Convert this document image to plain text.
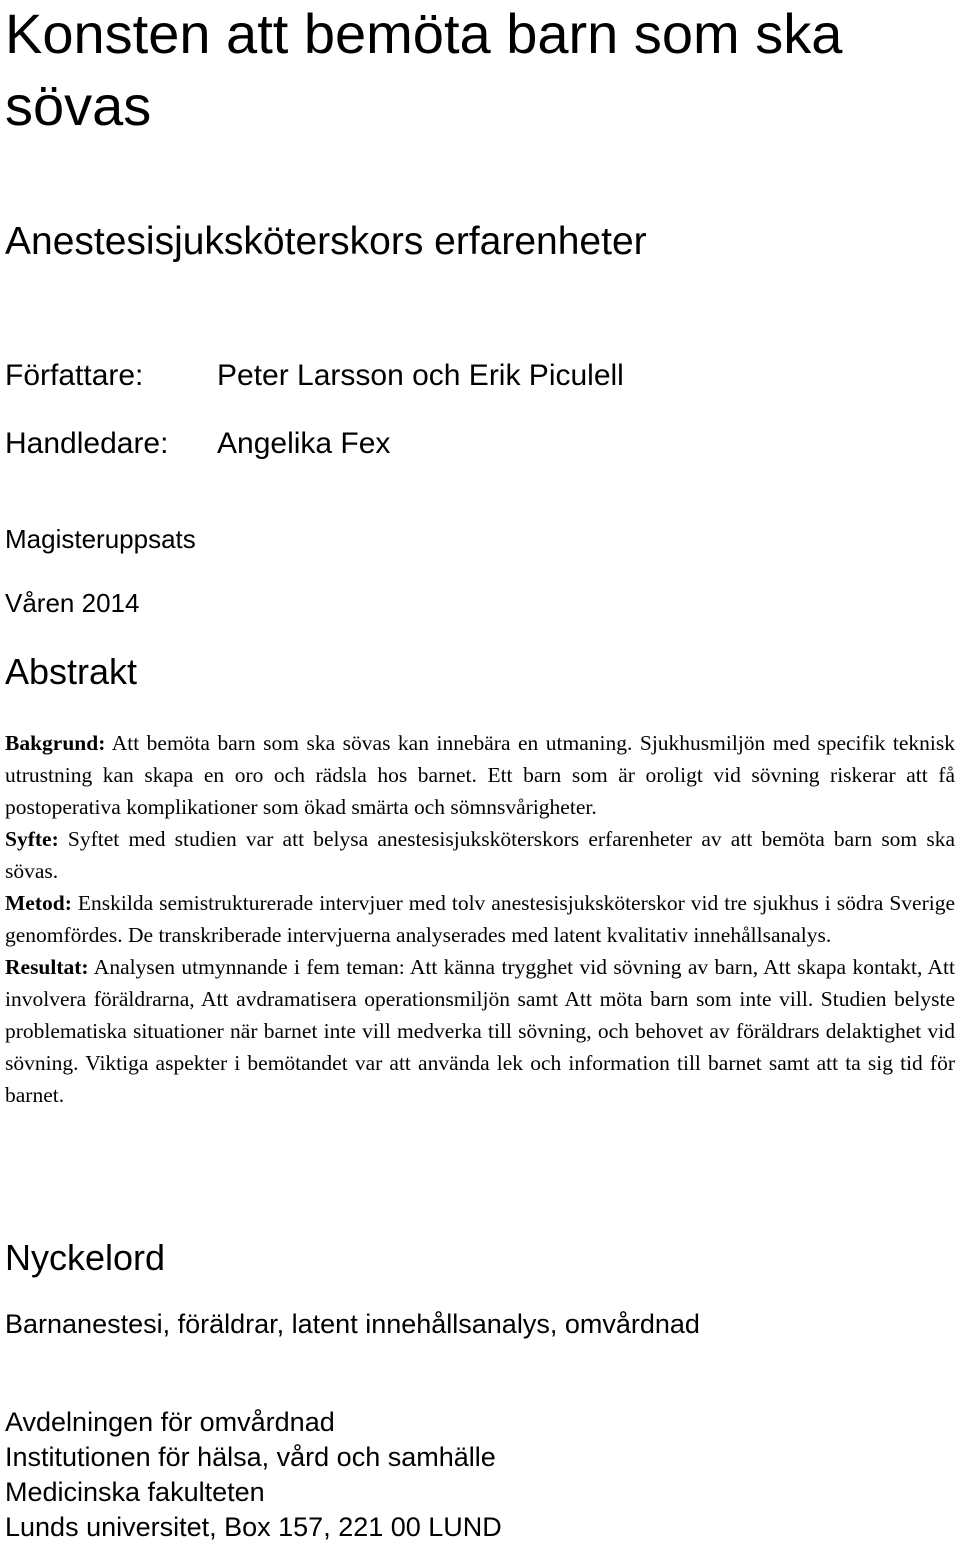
Konsten att bemöta barn som ska sövas
Anestesisjuksköterskors erfarenheter
Författare: Peter Larsson och Erik Piculell
Handledare: Angelika Fex
Magisteruppsats
Våren 2014
Abstrakt

Bakgrund: Att bemöta barn som ska sövas kan innebära en utmaning. Sjukhusmiljön med specifik teknisk utrustning kan skapa en oro och rädsla hos barnet. Ett barn som är oroligt vid sövning riskerar att få postoperativa komplikationer som ökad smärta och sömnsvårigheter.

Syfte: Syftet med studien var att belysa anestesisjuksköterskors erfarenheter av att bemöta barn som ska sövas.

Metod: Enskilda semistrukturerade intervjuer med tolv anestesisjuksköterskor vid tre sjukhus i södra Sverige genomfördes. De transkriberade intervjuerna analyserades med latent kvalitativ innehållsanalys.

Resultat: Analysen utmynnande i fem teman: Att känna trygghet vid sövning av barn, Att skapa kontakt, Att involvera föräldrarna, Att avdramatisera operationsmiljön samt Att möta barn som inte vill. Studien belyste problematiska situationer när barnet inte vill medverka till sövning, och behovet av föräldrars delaktighet vid sövning. Viktiga aspekter i bemötandet var att använda lek och information till barnet samt att ta sig tid för barnet.

Nyckelord
Barnanestesi, föräldrar, latent innehållsanalys, omvårdnad
Avdelningen för omvårdnad
Institutionen för hälsa, vård och samhälle
Medicinska fakulteten
Lunds universitet, Box 157, 221 00 LUND
